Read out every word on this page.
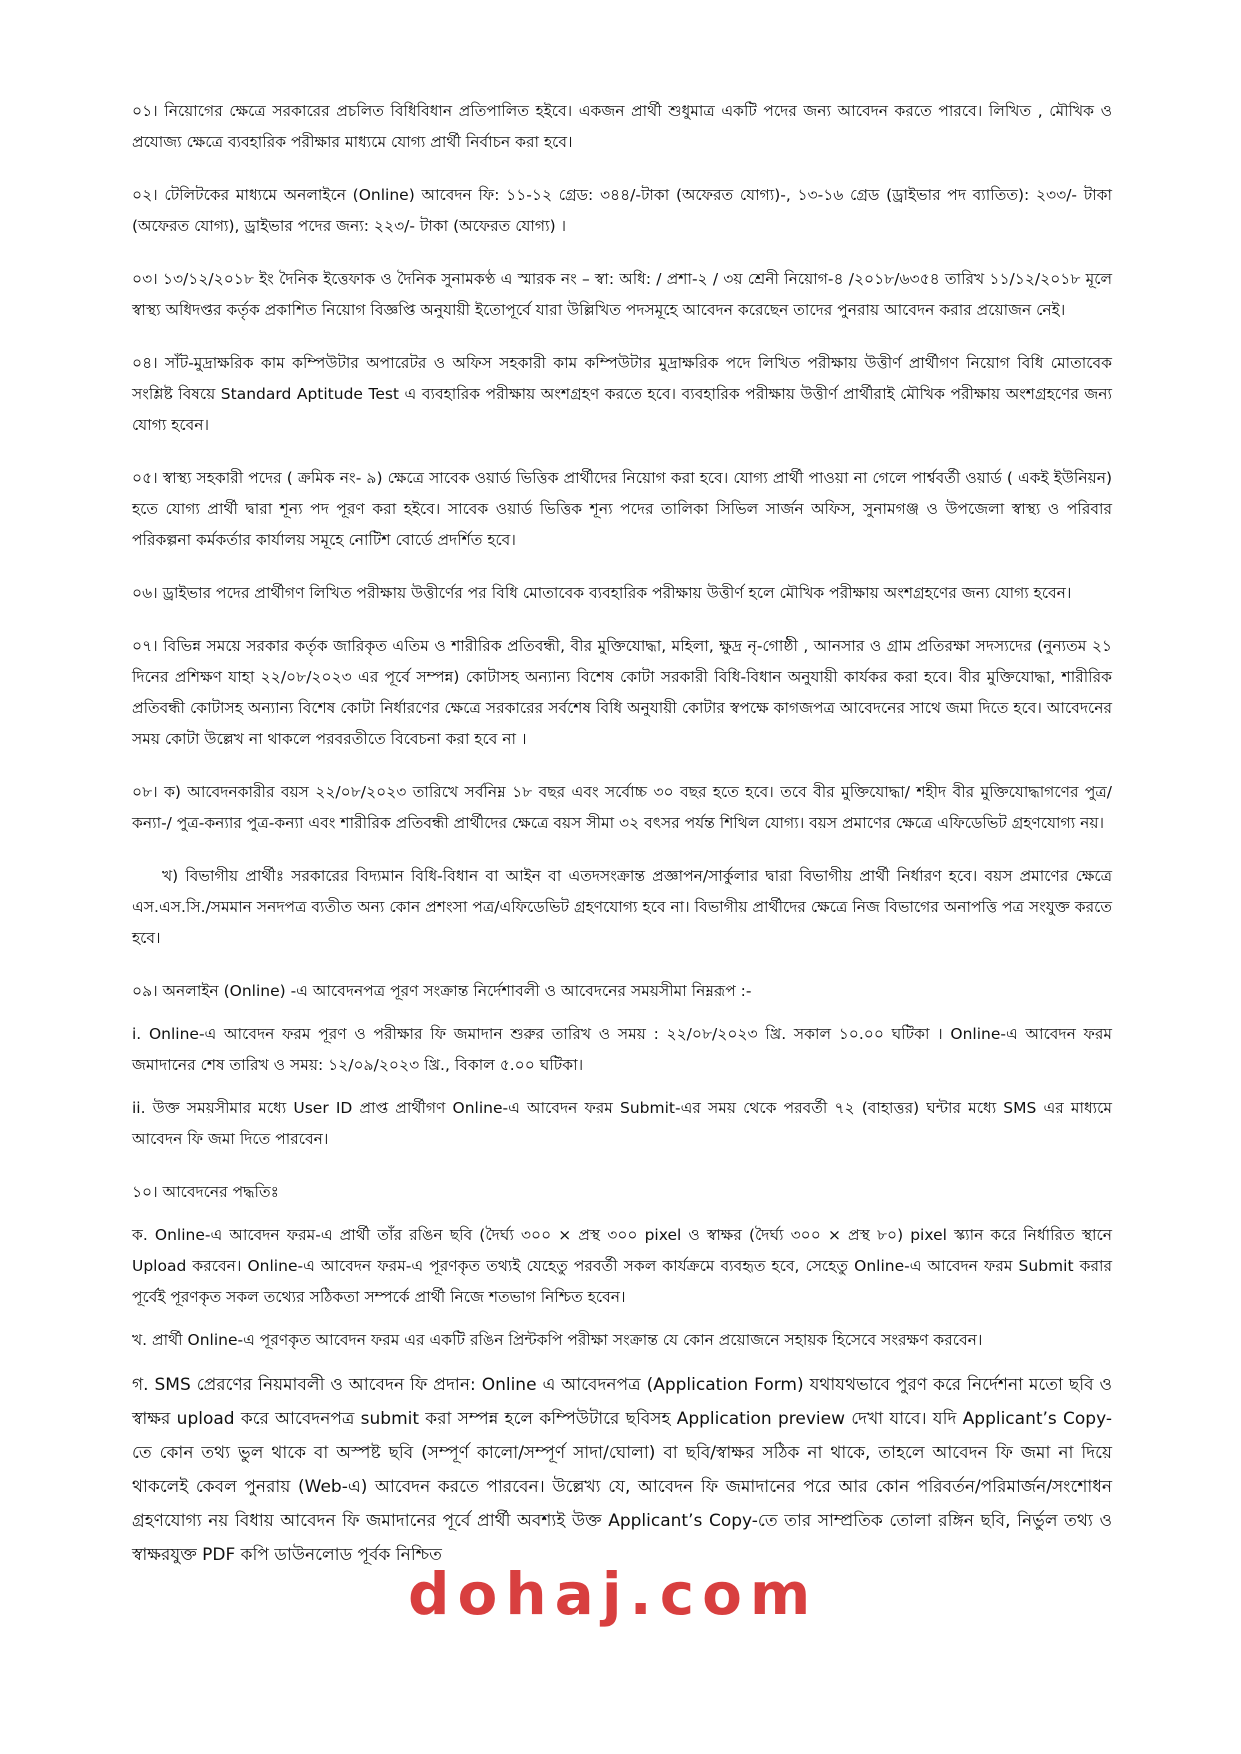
০১। নিয়োগের ক্ষেত্রে সরকারের প্রচলিত বিধিবিধান প্রতিপালিত হইবে। একজন প্রার্থী শুধুমাত্র একটি পদের জন্য আবেদন করতে পারবে। লিখিত , মৌখিক ও প্রযোজ্য ক্ষেত্রে ব্যবহারিক পরীক্ষার মাধ্যমে যোগ্য প্রার্থী নির্বাচন করা হবে।

০২। টেলিটকের মাধ্যমে অনলাইনে (Online) আবেদন ফি: ১১-১২ গ্রেড: ৩৪৪/-টাকা (অফেরত যোগ্য)-, ১৩-১৬ গ্রেড (ড্রাইভার পদ ব্যাতিত): ২৩৩/- টাকা (অফেরত যোগ্য), ড্রাইভার পদের জন্য: ২২৩/- টাকা (অফেরত যোগ্য) ।

০৩। ১৩/১২/২০১৮ ইং দৈনিক ইত্তেফাক ও দৈনিক সুনামকণ্ঠ এ স্মারক নং – স্বা: অধি: / প্রশা-২ / ৩য় শ্রেনী নিয়োগ-৪ /২০১৮/৬৩৫৪ তারিখ ১১/১২/২০১৮ মূলে স্বাস্থ্য অধিদপ্তর কর্তৃক প্রকাশিত নিয়োগ বিজ্ঞপ্তি অনুযায়ী ইতোপূর্বে যারা উল্লিখিত পদসমূহে আবেদন করেছেন তাদের পুনরায় আবেদন করার প্রয়োজন নেই।

০৪। সাঁট-মুদ্রাক্ষরিক কাম কম্পিউটার অপারেটর ও অফিস সহকারী কাম কম্পিউটার মুদ্রাক্ষরিক পদে লিখিত পরীক্ষায় উত্তীর্ণ প্রার্থীগণ নিয়োগ বিধি মোতাবেক সংশ্লিষ্ট বিষয়ে Standard Aptitude Test এ ব্যবহারিক পরীক্ষায় অংশগ্রহণ করতে হবে। ব্যবহারিক পরীক্ষায় উত্তীর্ণ প্রার্থীরাই মৌখিক পরীক্ষায় অংশগ্রহণের জন্য যোগ্য হবেন।

০৫। স্বাস্থ্য সহকারী পদের ( ক্রমিক নং- ৯) ক্ষেত্রে সাবেক ওয়ার্ড ভিত্তিক প্রার্থীদের নিয়োগ করা হবে। যোগ্য প্রার্থী পাওয়া না গেলে পার্শ্ববর্তী ওয়ার্ড ( একই ইউনিয়ন) হতে যোগ্য প্রার্থী দ্বারা শূন্য পদ পূরণ করা হইবে। সাবেক ওয়ার্ড ভিত্তিক শূন্য পদের তালিকা সিভিল সার্জন অফিস, সুনামগঞ্জ ও উপজেলা স্বাস্থ্য ও পরিবার পরিকল্পনা কর্মকর্তার কার্যালয় সমূহে নোটিশ বোর্ডে প্রদর্শিত হবে।

০৬। ড্রাইভার পদের প্রার্থীগণ লিখিত পরীক্ষায় উত্তীর্ণের পর বিধি মোতাবেক ব্যবহারিক পরীক্ষায় উত্তীর্ণ হলে মৌখিক পরীক্ষায় অংশগ্রহণের জন্য যোগ্য হবেন।

০৭। বিভিন্ন সময়ে সরকার কর্তৃক জারিকৃত এতিম ও শারীরিক প্রতিবন্ধী, বীর মুক্তিযোদ্ধা, মহিলা, ক্ষুদ্র নৃ-গোষ্ঠী , আনসার ও গ্রাম প্রতিরক্ষা সদস্যদের (নুন্যতম ২১ দিনের প্রশিক্ষণ যাহা ২২/০৮/২০২৩ এর পূর্বে সম্পন্ন) কোটাসহ অন্যান্য বিশেষ কোটা সরকারী বিধি-বিধান অনুযায়ী কার্যকর করা হবে। বীর মুক্তিযোদ্ধা, শারীরিক প্রতিবন্ধী কোটাসহ অন্যান্য বিশেষ কোটা নির্ধারণের ক্ষেত্রে সরকারের সর্বশেষ বিধি অনুযায়ী কোটার স্বপক্ষে কাগজপত্র আবেদনের সাথে জমা দিতে হবে। আবেদনের সময় কোটা উল্লেখ না থাকলে পরবরতীতে বিবেচনা করা হবে না ।

০৮। ক) আবেদনকারীর বয়স ২২/০৮/২০২৩ তারিখে সর্বনিম্ন ১৮ বছর এবং সর্বোচ্চ ৩০ বছর হতে হবে। তবে বীর মুক্তিযোদ্ধা/ শহীদ বীর মুক্তিযোদ্ধাগণের পুত্র/কন্যা-/ পুত্র-কন্যার পুত্র-কন্যা এবং শারীরিক প্রতিবন্ধী প্রার্থীদের ক্ষেত্রে বয়স সীমা ৩২ বৎসর পর্যন্ত শিথিল যোগ্য। বয়স প্রমাণের ক্ষেত্রে এফিডেভিট গ্রহণযোগ্য নয়।

খ) বিভাগীয় প্রার্থীঃ সরকারের বিদ্যমান বিধি-বিধান বা আইন বা এতদসংক্রান্ত প্রজ্ঞাপন/সার্কুলার দ্বারা বিভাগীয় প্রার্থী নির্ধারণ হবে। বয়স প্রমাণের ক্ষেত্রে এস.এস.সি./সমমান সনদপত্র ব্যতীত অন্য কোন প্রশংসা পত্র/এফিডেভিট গ্রহণযোগ্য হবে না। বিভাগীয় প্রার্থীদের ক্ষেত্রে নিজ বিভাগের অনাপত্তি পত্র সংযুক্ত করতে হবে।

০৯। অনলাইন (Online) -এ আবেদনপত্র পূরণ সংক্রান্ত নির্দেশাবলী ও আবেদনের সময়সীমা নিম্নরূপ :-

i. Online-এ আবেদন ফরম পূরণ ও পরীক্ষার ফি জমাদান শুরুর তারিখ ও সময় : ২২/০৮/২০২৩ খ্রি. সকাল ১০.০০ ঘটিকা । Online-এ আবেদন ফরম জমাদানের শেষ তারিখ ও সময়: ১২/০৯/২০২৩ খ্রি., বিকাল ৫.০০ ঘটিকা।

ii. উক্ত সময়সীমার মধ্যে User ID প্রাপ্ত প্রার্থীগণ Online-এ আবেদন ফরম Submit-এর সময় থেকে পরবর্তী ৭২ (বাহাত্তর) ঘন্টার মধ্যে SMS এর মাধ্যমে আবেদন ফি জমা দিতে পারবেন।

১০। আবেদনের পদ্ধতিঃ

ক. Online-এ আবেদন ফরম-এ প্রার্থী তাঁর রঙিন ছবি (দৈর্ঘ্য ৩০০ × প্রস্থ ৩০০ pixel ও স্বাক্ষর (দৈর্ঘ্য ৩০০ × প্রস্থ ৮০) pixel স্ক্যান করে নির্ধারিত স্থানে Upload করবেন। Online-এ আবেদন ফরম-এ পূরণকৃত তথ্যই যেহেতু পরবর্তী সকল কার্যক্রমে ব্যবহৃত হবে, সেহেতু Online-এ আবেদন ফরম Submit করার পূর্বেই পূরণকৃত সকল তথ্যের সঠিকতা সম্পর্কে প্রার্থী নিজে শতভাগ নিশ্চিত হবেন।

খ. প্রার্থী Online-এ পূরণকৃত আবেদন ফরম এর একটি রঙিন প্রিন্টকপি পরীক্ষা সংক্রান্ত যে কোন প্রয়োজনে সহায়ক হিসেবে সংরক্ষণ করবেন।

গ. SMS প্রেরণের নিয়মাবলী ও আবেদন ফি প্রদান: Online এ আবেদনপত্র (Application Form) যথাযথভাবে পুরণ করে নির্দেশনা মতো ছবি ও স্বাক্ষর upload করে আবেদনপত্র submit করা সম্পন্ন হলে কম্পিউটারে ছবিসহ Application preview দেখা যাবে। যদি Applicant’s Copy-তে কোন তথ্য ভুল থাকে বা অস্পষ্ট ছবি (সম্পূর্ণ কালো/সম্পূর্ণ সাদা/ঘোলা) বা ছবি/স্বাক্ষর সঠিক না থাকে, তাহলে আবেদন ফি জমা না দিয়ে থাকলেই কেবল পুনরায় (Web-এ) আবেদন করতে পারবেন। উল্লেখ্য যে, আবেদন ফি জমাদানের পরে আর কোন পরিবর্তন/পরিমার্জন/সংশোধন গ্রহণযোগ্য নয় বিধায় আবেদন ফি জমাদানের পূর্বে প্রার্থী অবশ্যই উক্ত Applicant’s Copy-তে তার সাম্প্রতিক তোলা রঙ্গিন ছবি, নির্ভুল তথ্য ও স্বাক্ষরযুক্ত PDF কপি ডাউনলোড পূর্বক নিশ্চিত

dohaj.com
